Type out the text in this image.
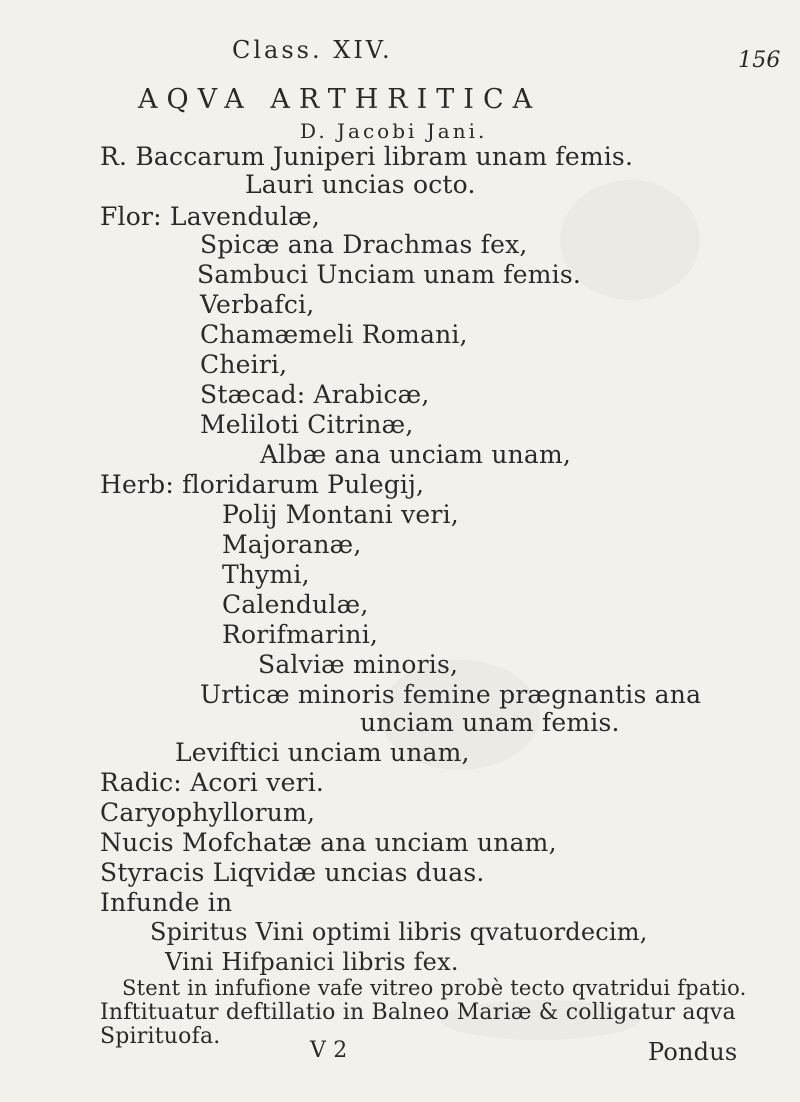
Class. XIV.	156
AQVA ARTHRITICA
D. Jacobi Jani.
R. Baccarum Juniperi libram unam femis.
Lauri uncias octo.
Flor: Lavendulæ,
Spicæ ana Drachmas fex,
Sambuci Unciam unam femis.
Verbafci,
Chamæmeli Romani,
Cheiri,
Stæcad: Arabicæ,
Meliloti Citrinæ,
Albæ ana unciam unam,
Herb: floridarum Pulegij,
Polij Montani veri,
Majoranæ,
Thymi,
Calendulæ,
Rorifmarini,
Salviæ minoris,
Urticæ minoris femine prægnantis ana
unciam unam femis.
Leviftici unciam unam,
Radic: Acori veri.
Caryophyllorum,
Nucis Mofchatæ ana unciam unam,
Styracis Liqvidæ uncias duas.
Infunde in
Spiritus Vini optimi libris qvatuordecim,
Vini Hifpanici libris fex.
Stent in infufione vafe vitreo probè tecto qvatridui fpatio.
Inftituatur deftillatio in Balneo Mariæ & colligatur aqva
Spirituofa.
V 2	Pondus
